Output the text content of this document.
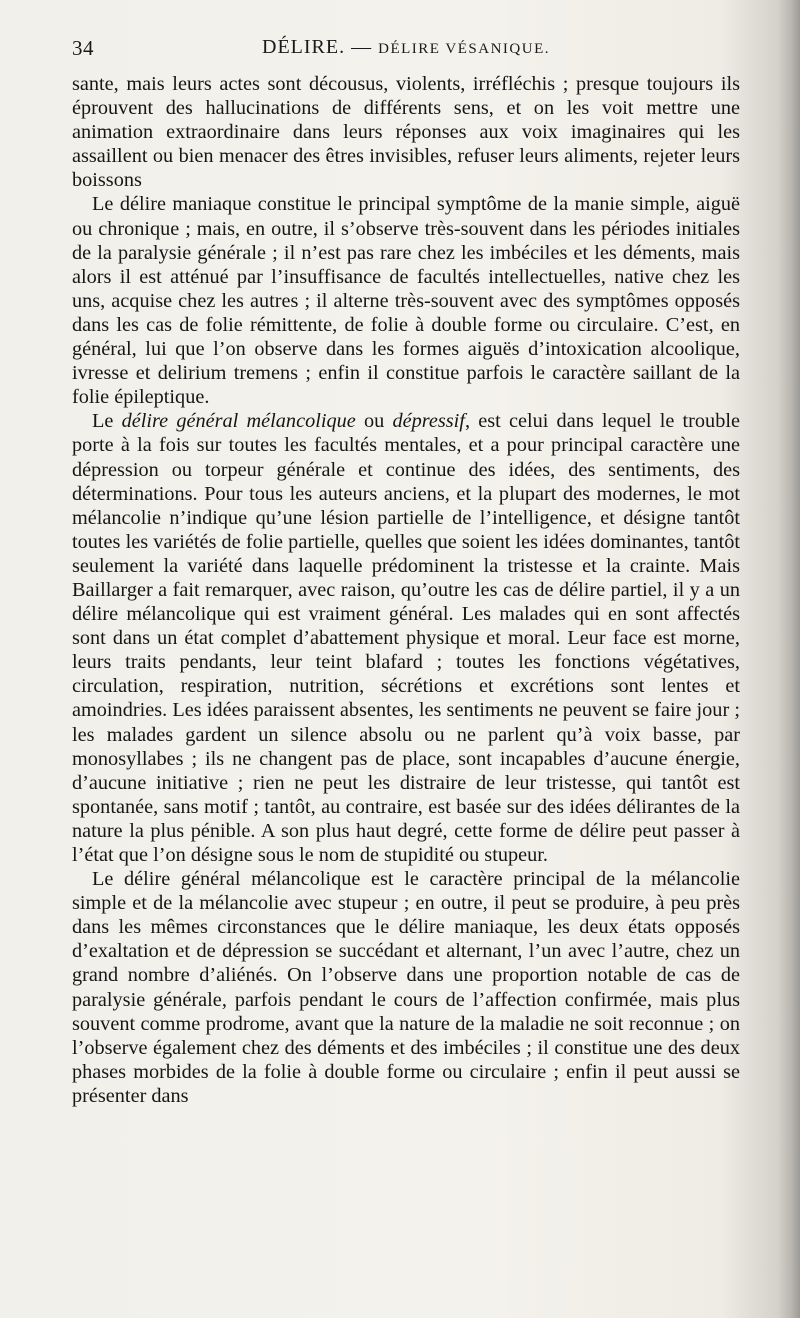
34	DÉLIRE. — DÉLIRE VÉSANIQUE.

sante, mais leurs actes sont décousus, violents, irréfléchis ; presque toujours ils éprouvent des hallucinations de différents sens, et on les voit mettre une animation extraordinaire dans leurs réponses aux voix imaginaires qui les assaillent ou bien menacer des êtres invisibles, refuser leurs aliments, rejeter leurs boissons

Le délire maniaque constitue le principal symptôme de la manie simple, aiguë ou chronique ; mais, en outre, il s’observe très-souvent dans les périodes initiales de la paralysie générale ; il n’est pas rare chez les imbéciles et les déments, mais alors il est atténué par l’insuffisance de facultés intellectuelles, native chez les uns, acquise chez les autres ; il alterne très-souvent avec des symptômes opposés dans les cas de folie rémittente, de folie à double forme ou circulaire. C’est, en général, lui que l’on observe dans les formes aiguës d’intoxication alcoolique, ivresse et delirium tremens ; enfin il constitue parfois le caractère saillant de la folie épileptique.

Le délire général mélancolique ou dépressif, est celui dans lequel le trouble porte à la fois sur toutes les facultés mentales, et a pour principal caractère une dépression ou torpeur générale et continue des idées, des sentiments, des déterminations. Pour tous les auteurs anciens, et la plupart des modernes, le mot mélancolie n’indique qu’une lésion partielle de l’intelligence, et désigne tantôt toutes les variétés de folie partielle, quelles que soient les idées dominantes, tantôt seulement la variété dans laquelle prédominent la tristesse et la crainte. Mais Baillarger a fait remarquer, avec raison, qu’outre les cas de délire partiel, il y a un délire mélancolique qui est vraiment général. Les malades qui en sont affectés sont dans un état complet d’abattement physique et moral. Leur face est morne, leurs traits pendants, leur teint blafard ; toutes les fonctions végétatives, circulation, respiration, nutrition, sécrétions et excrétions sont lentes et amoindries. Les idées paraissent absentes, les sentiments ne peuvent se faire jour ; les malades gardent un silence absolu ou ne parlent qu’à voix basse, par monosyllabes ; ils ne changent pas de place, sont incapables d’aucune énergie, d’aucune initiative ; rien ne peut les distraire de leur tristesse, qui tantôt est spontanée, sans motif ; tantôt, au contraire, est basée sur des idées délirantes de la nature la plus pénible. A son plus haut degré, cette forme de délire peut passer à l’état que l’on désigne sous le nom de stupidité ou stupeur.

Le délire général mélancolique est le caractère principal de la mélancolie simple et de la mélancolie avec stupeur ; en outre, il peut se produire, à peu près dans les mêmes circonstances que le délire maniaque, les deux états opposés d’exaltation et de dépression se succédant et alternant, l’un avec l’autre, chez un grand nombre d’aliénés. On l’observe dans une proportion notable de cas de paralysie générale, parfois pendant le cours de l’affection confirmée, mais plus souvent comme prodrome, avant que la nature de la maladie ne soit reconnue ; on l’observe également chez des déments et des imbéciles ; il constitue une des deux phases morbides de la folie à double forme ou circulaire ; enfin il peut aussi se présenter dans
